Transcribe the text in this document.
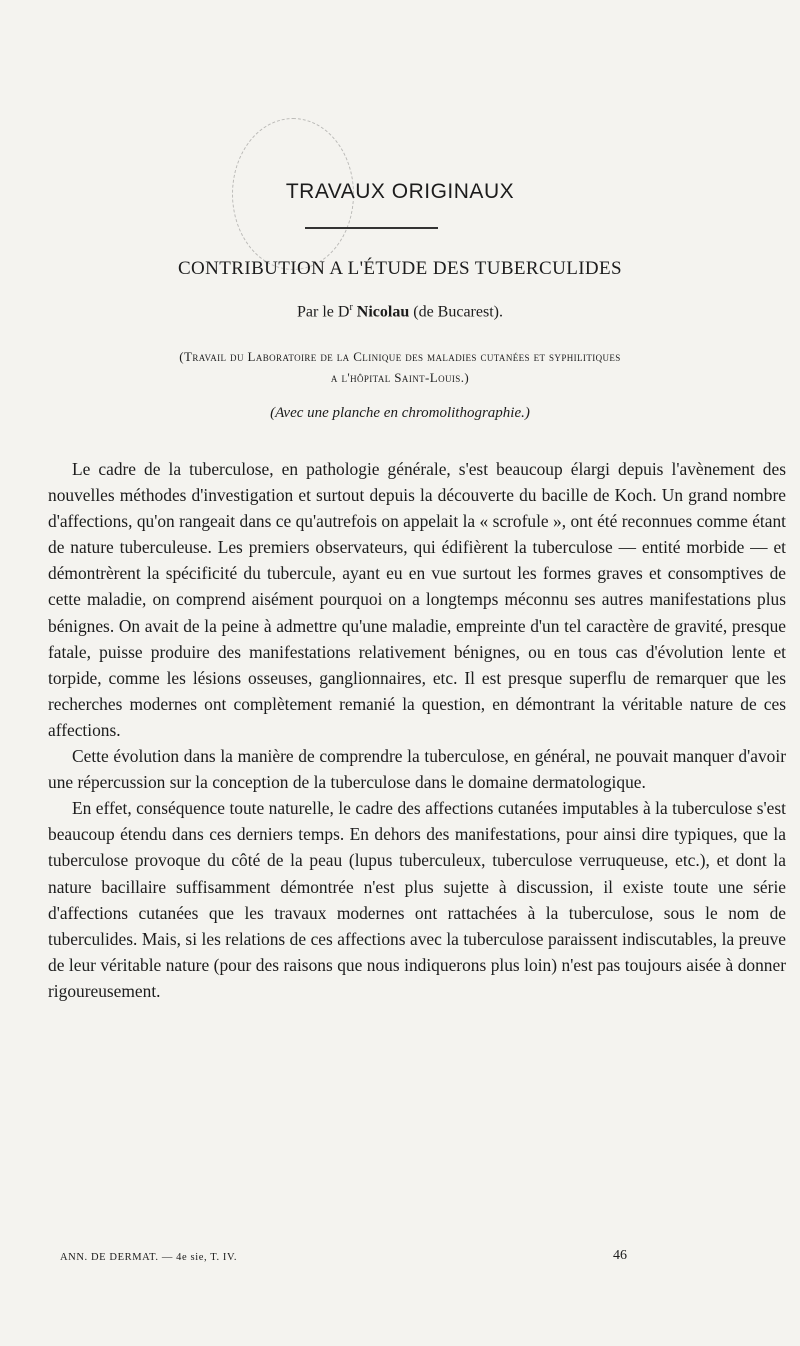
TRAVAUX ORIGINAUX
CONTRIBUTION A L'ÉTUDE DES TUBERCULIDES
Par le $D^r$ Nicolau (de Bucarest).
(Travail du Laboratoire de la Clinique des maladies cutanées et syphilitiques
a l'hôpital Saint-Louis.)
(Avec une planche en chromolithographie.)

Le cadre de la tuberculose, en pathologie générale, s'est beaucoup élargi depuis l'avènement des nouvelles méthodes d'investigation et surtout depuis la découverte du bacille de Koch. Un grand nombre d'affections, qu'on rangeait dans ce qu'autrefois on appelait la « scrofule », ont été reconnues comme étant de nature tuberculeuse. Les premiers observateurs, qui édifièrent la tuberculose — entité morbide — et démontrèrent la spécificité du tubercule, ayant eu en vue surtout les formes graves et consomptives de cette maladie, on comprend aisément pourquoi on a longtemps méconnu ses autres manifestations plus bénignes. On avait de la peine à admettre qu'une maladie, empreinte d'un tel caractère de gravité, presque fatale, puisse produire des manifestations relativement bénignes, ou en tous cas d'évolution lente et torpide, comme les lésions osseuses, ganglionnaires, etc. Il est presque superflu de remarquer que les recherches modernes ont complètement remanié la question, en démontrant la véritable nature de ces affections.

Cette évolution dans la manière de comprendre la tuberculose, en général, ne pouvait manquer d'avoir une répercussion sur la conception de la tuberculose dans le domaine dermatologique.

En effet, conséquence toute naturelle, le cadre des affections cutanées imputables à la tuberculose s'est beaucoup étendu dans ces derniers temps. En dehors des manifestations, pour ainsi dire typiques, que la tuberculose provoque du côté de la peau (lupus tuberculeux, tuberculose verruqueuse, etc.), et dont la nature bacillaire suffisamment démontrée n'est plus sujette à discussion, il existe toute une série d'affections cutanées que les travaux modernes ont rattachées à la tuberculose, sous le nom de tuberculides. Mais, si les relations de ces affections avec la tuberculose paraissent indiscutables, la preuve de leur véritable nature (pour des raisons que nous indiquerons plus loin) n'est pas toujours aisée à donner rigoureusement.

ANN. DE DERMAT. — 4e sie, T. IV.	46
